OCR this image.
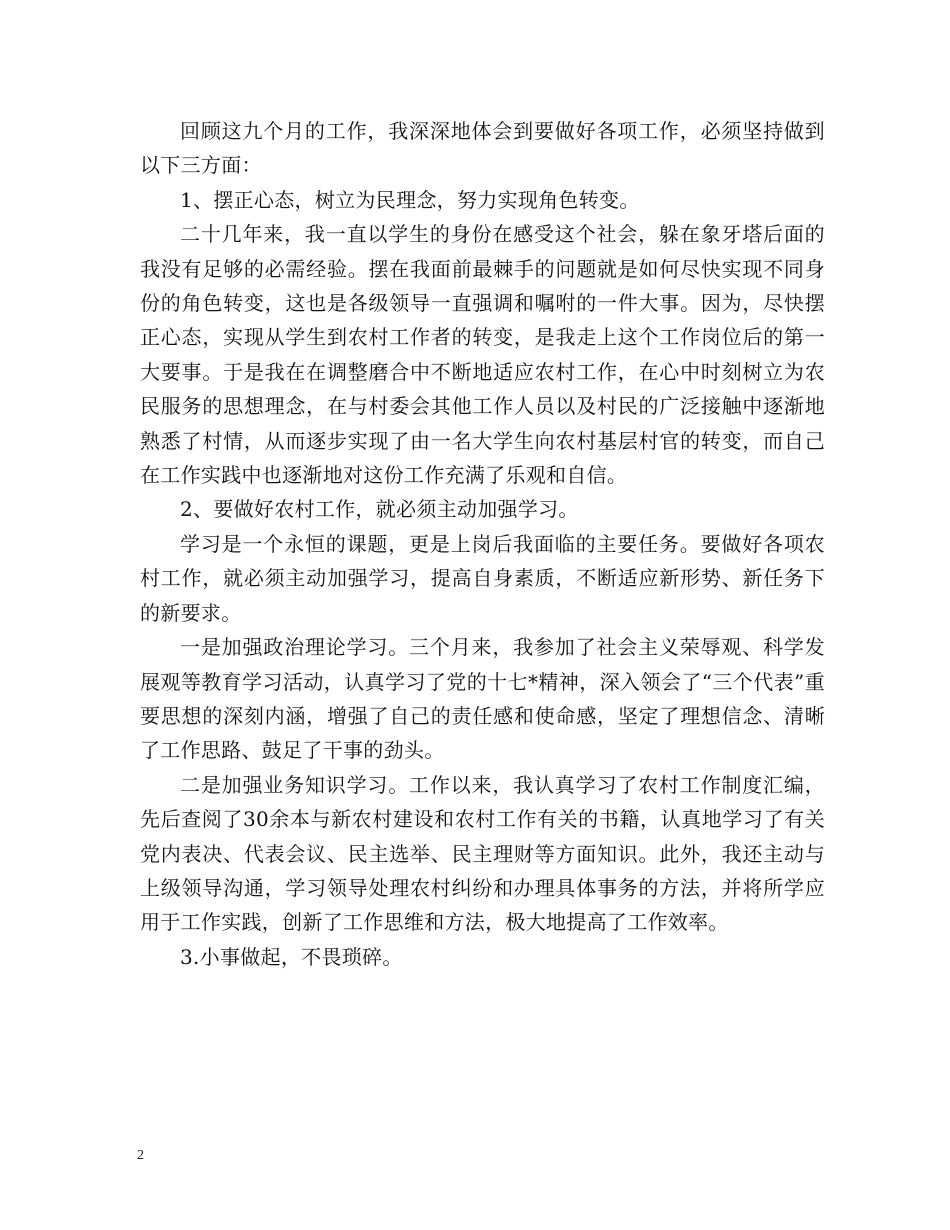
回顾这九个月的工作，我深深地体会到要做好各项工作，必须坚持做到以下三方面：

1、摆正心态，树立为民理念，努力实现角色转变。

二十几年来，我一直以学生的身份在感受这个社会，躲在象牙塔后面的我没有足够的必需经验。摆在我面前最棘手的问题就是如何尽快实现不同身份的角色转变，这也是各级领导一直强调和嘱咐的一件大事。因为，尽快摆正心态，实现从学生到农村工作者的转变，是我走上这个工作岗位后的第一大要事。于是我在在调整磨合中不断地适应农村工作，在心中时刻树立为农民服务的思想理念，在与村委会其他工作人员以及村民的广泛接触中逐渐地熟悉了村情，从而逐步实现了由一名大学生向农村基层村官的转变，而自己在工作实践中也逐渐地对这份工作充满了乐观和自信。

2、要做好农村工作，就必须主动加强学习。

学习是一个永恒的课题，更是上岗后我面临的主要任务。要做好各项农村工作，就必须主动加强学习，提高自身素质，不断适应新形势、新任务下的新要求。

一是加强政治理论学习。三个月来，我参加了社会主义荣辱观、科学发展观等教育学习活动，认真学习了党的十七*精神，深入领会了“三个代表”重要思想的深刻内涵，增强了自己的责任感和使命感，坚定了理想信念、清晰了工作思路、鼓足了干事的劲头。

二是加强业务知识学习。工作以来，我认真学习了农村工作制度汇编，先后查阅了30余本与新农村建设和农村工作有关的书籍，认真地学习了有关党内表决、代表会议、民主选举、民主理财等方面知识。此外，我还主动与上级领导沟通，学习领导处理农村纠纷和办理具体事务的方法，并将所学应用于工作实践，创新了工作思维和方法，极大地提高了工作效率。

3.小事做起，不畏琐碎。

2
